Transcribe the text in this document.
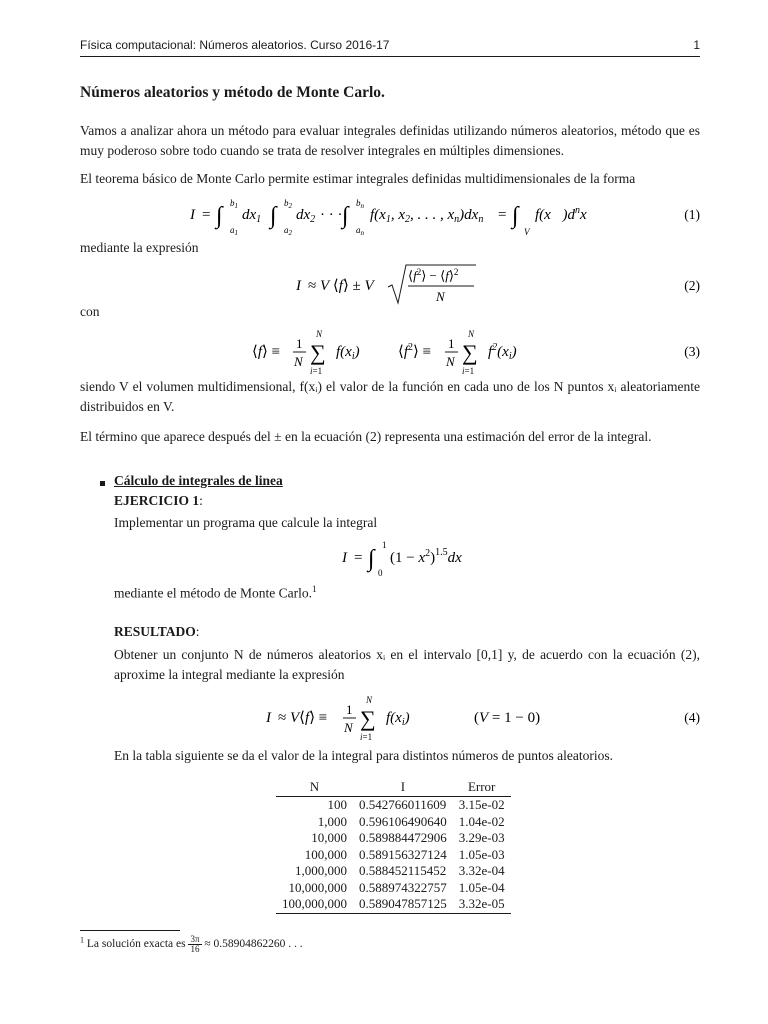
Física computacional: Números aleatorios. Curso 2016-17	1
Números aleatorios y método de Monte Carlo.
Vamos a analizar ahora un método para evaluar integrales definidas utilizando números aleatorios, método que es muy poderoso sobre todo cuando se trata de resolver integrales en múltiples dimensiones.
El teorema básico de Monte Carlo permite estimar integrales definidas multidimensionales de la forma
I = ∫ $b_1$
$a_1$
$dx_1$ ∫ $b_2$
$a_2$
$dx_2$ · · · ∫ $b_n$
$a_n$
$f(x_1$, $x_2$, . . . , $x_n)dx_n$ = ∫
V
$f(x⃗)d^nx$	(1)
mediante la expresión
I ≈ V ⟨f⟩ ± V
$⟨f^2⟩$ − ⟨f⟩$^2$
N
(2)
con
⟨f⟩ ≡
1
N
N
∑
i=1
$f(x_i)$	$⟨f^2⟩$ ≡
1
N
N
∑
i=1
$f^2(x_i)$	(3)
siendo V el volumen multidimensional, f(xᵢ) el valor de la función en cada uno de los N puntos xᵢ aleatoriamente distribuidos en V.
El término que aparece después del ± en la ecuación (2) representa una estimación del error de la integral.
Cálculo de integrales de linea
EJERCICIO 1:
Implementar un programa que calcule la integral
I = ∫
1
0
$(1 - x^2)^{1.5}dx$
mediante el método de Monte Carlo.$^1$
RESULTADO:
Obtener un conjunto N de números aleatorios xᵢ en el intervalo [0,1] y, de acuerdo con la ecuación (2), aproxime la integral mediante la expresión
I ≈ V⟨f⟩ ≡
1
N
N
∑
i=1
$f(x_i)$	(V = 1 − 0)	(4)
En la tabla siguiente se da el valor de la integral para distintos números de puntos aleatorios.
N	I	Error
100	0.542766011609	3.15e-02
1,000	0.596106490640	1.04e-02
10,000	0.589884472906	3.29e-03
100,000	0.589156327124	1.05e-03
1,000,000	0.588452115452	3.32e-04
10,000,000	0.588974322757	1.05e-04
100,000,000	0.589047857125	3.32e-05
$^1$ La solución exacta es $\frac{3\pi}{16} \approx 0.58904862260$ . . .
